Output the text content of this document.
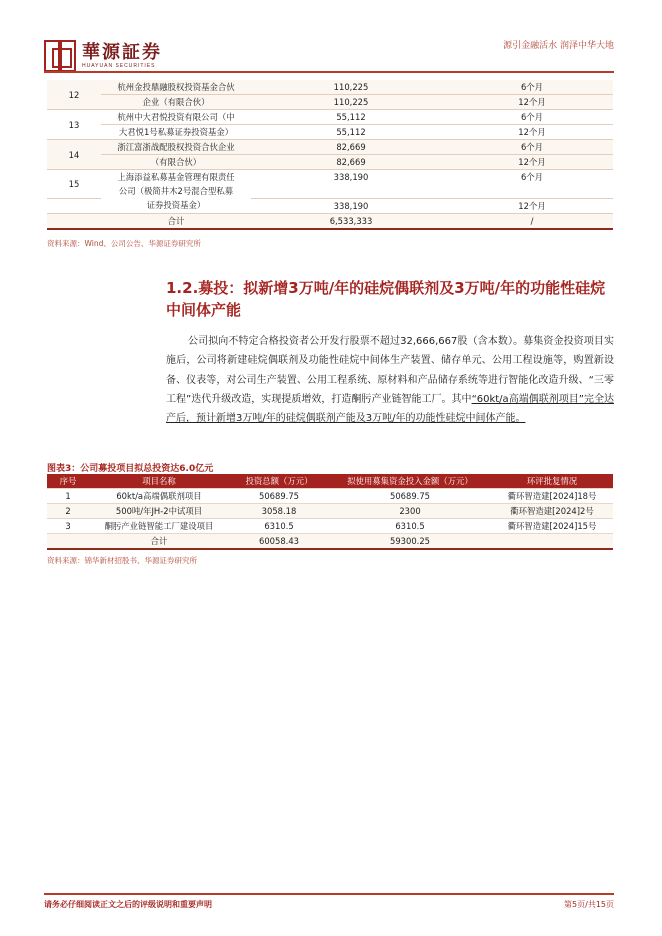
華源証券
HUAYUAN SECURITIES
源引金融活水 润泽中华大地
12	杭州金投鼎融股权投资基金合伙	110,225	6个月
	企业（有限合伙）	110,225	12个月
13	杭州中大君悦投资有限公司（中	55,112	6个月
	大君悦1号私募证券投资基金）	55,112	12个月
14	浙江富浙战配股权投资合伙企业	82,669	6个月
	（有限合伙）	82,669	12个月
15	上海添益私募基金管理有限责任	338,190	6个月
	公司（极简井木2号混合型私募		
	证券投资基金）	338,190	12个月
	合计	6,533,333	/
资料来源：Wind、公司公告、华源证券研究所
1.2.募投：拟新增3万吨/年的硅烷偶联剂及3万吨/年的功能性硅烷中间体产能

公司拟向不特定合格投资者公开发行股票不超过32,666,667股（含本数）。募集资金投资项目实施后，公司将新建硅烷偶联剂及功能性硅烷中间体生产装置、储存单元、公用工程设施等，购置新设备、仪表等，对公司生产装置、公用工程系统、原材料和产品储存系统等进行智能化改造升级、“三零工程”迭代升级改造，实现提质增效，打造酮肟产业链智能工厂。其中“60kt/a高端偶联剂项目”完全达产后，预计新增3万吨/年的硅烷偶联剂产能及3万吨/年的功能性硅烷中间体产能。

图表3：公司募投项目拟总投资达6.0亿元
序号	项目名称	投资总额（万元）	拟使用募集资金投入金额（万元）	环评批复情况
1	60kt/a高端偶联剂项目	50689.75	50689.75	衢环智造建[2024]18号
2	500吨/年JH-2中试项目	3058.18	2300	衢环智造建[2024]2号
3	酮肟产业链智能工厂建设项目	6310.5	6310.5	衢环智造建[2024]15号
	合计	60058.43	59300.25	
资料来源：锦华新材招股书、华源证券研究所
请务必仔细阅读正文之后的评级说明和重要声明	第5页/共15页
